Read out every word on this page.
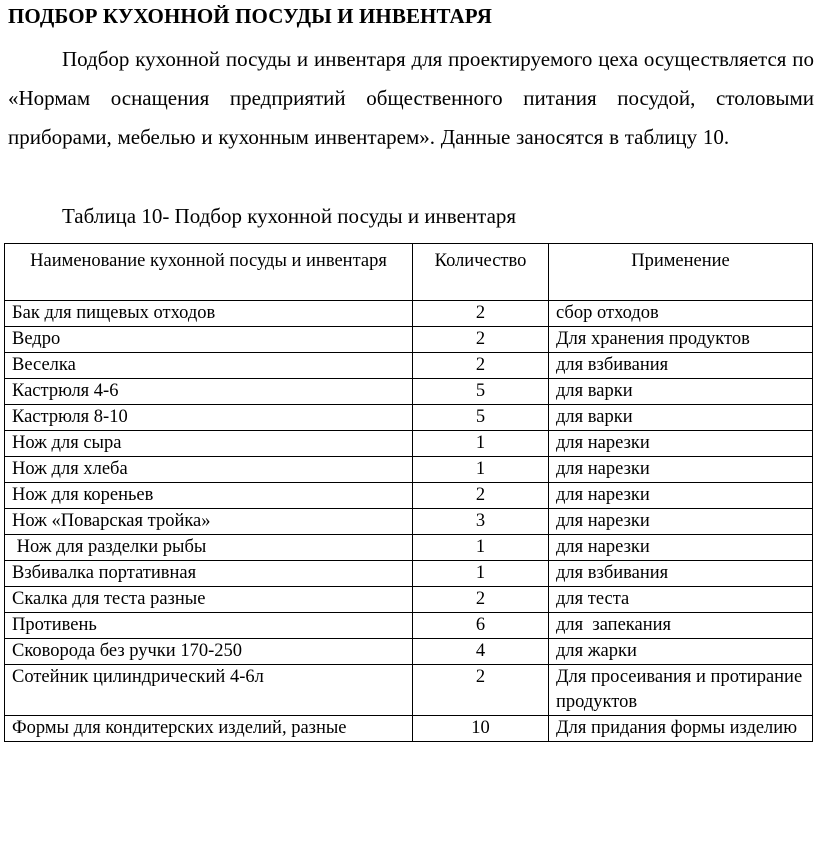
ПОДБОР КУХОННОЙ ПОСУДЫ И ИНВЕНТАРЯ
Подбор кухонной посуды и инвентаря для проектируемого цеха осуществляется по «Нормам оснащения предприятий общественного питания посудой, столовыми приборами, мебелью и кухонным инвентарем». Данные заносятся в таблицу 10.
Таблица 10- Подбор кухонной посуды и инвентаря
Наименование кухонной посуды и инвентаря	Количество	Применение
Бак для пищевых отходов	2	сбор отходов
Ведро	2	Для хранения продуктов
Веселка	2	для взбивания
Кастрюля 4-6	5	для варки
Кастрюля 8-10	5	для варки
Нож для сыра	1	для нарезки
Нож для хлеба	1	для нарезки
Нож для кореньев	2	для нарезки
Нож «Поварская тройка»	3	для нарезки
Нож для разделки рыбы	1	для нарезки
Взбивалка портативная	1	для взбивания
Скалка для теста разные	2	для теста
Противень	6	для  запекания
Сковорода без ручки 170-250	4	для жарки
Сотейник цилиндрический 4-6л	2	Для просеивания и протирание продуктов
Формы для кондитерских изделий, разные	10	Для придания формы изделию
